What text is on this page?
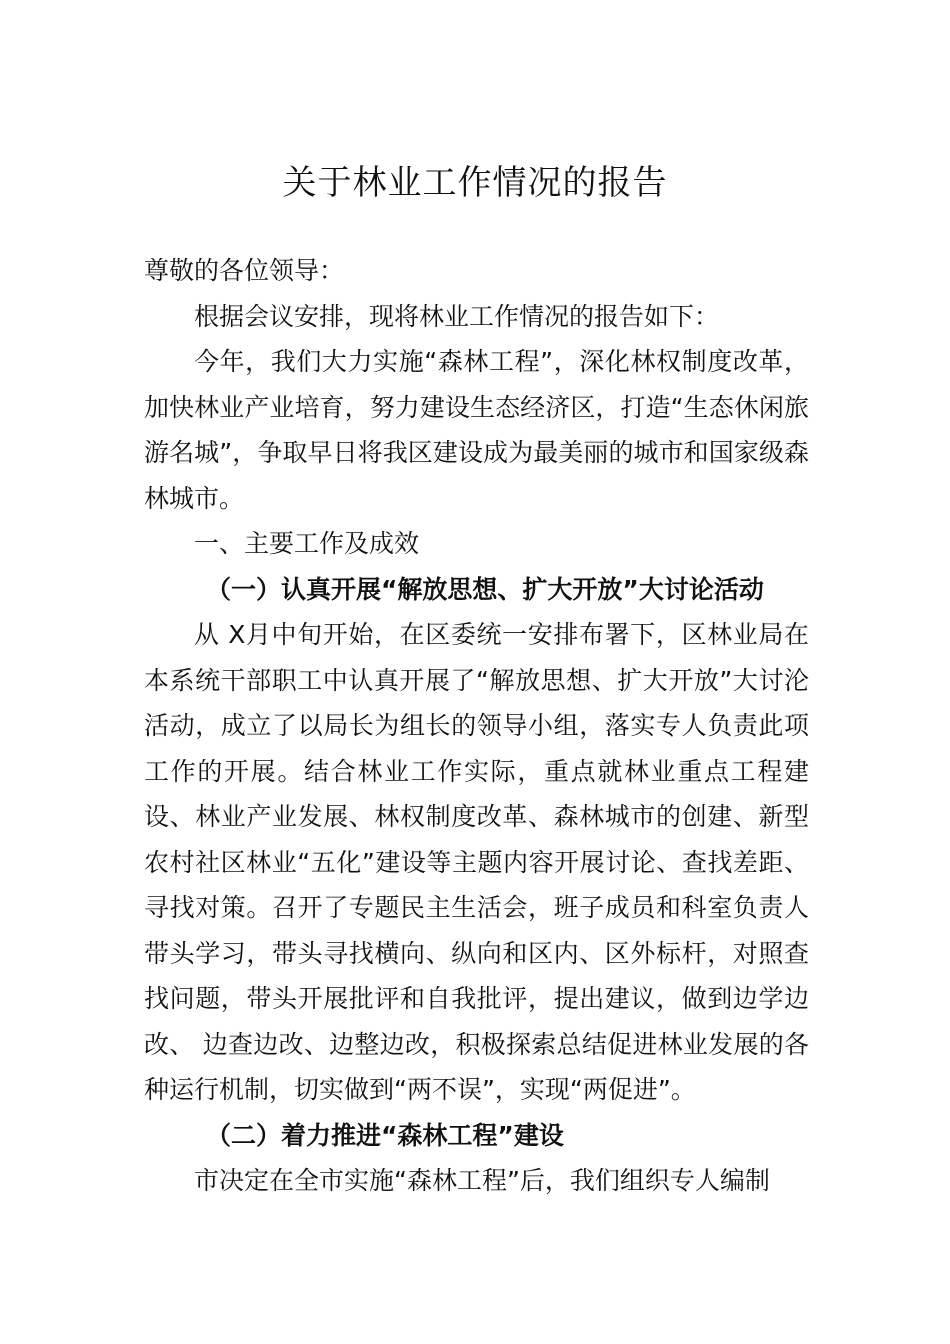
关于林业工作情况的报告

尊敬的各位领导：

根据会议安排，现将林业工作情况的报告如下：

今年，我们大力实施“森林工程”，深化林权制度改革，加快林业产业培育，努力建设生态经济区，打造“生态休闲旅游名城”，争取早日将我区建设成为最美丽的城市和国家级森林城市。

一、主要工作及成效

（一）认真开展“解放思想、扩大开放”大讨论活动

从 X月中旬开始，在区委统一安排布署下，区林业局在本系统干部职工中认真开展了“解放思想、扩大开放”大讨沦活动，成立了以局长为组长的领导小组，落实专人负责此项工作的开展。结合林业工作实际，重点就林业重点工程建设、林业产业发展、林权制度改革、森林城市的创建、新型农村社区林业“五化”建设等主题内容开展讨论、查找差距、寻找对策。召开了专题民主生活会，班子成员和科室负责人带头学习，带头寻找横向、纵向和区内、区外标杆，对照查找问题，带头开展批评和自我批评，提出建议，做到边学边改、 边查边改、边整边改，积极探索总结促进林业发展的各种运行机制，切实做到“两不误”，实现“两促进”。

（二）着力推进“森林工程”建设

市决定在全市实施“森林工程”后，我们组织专人编制
